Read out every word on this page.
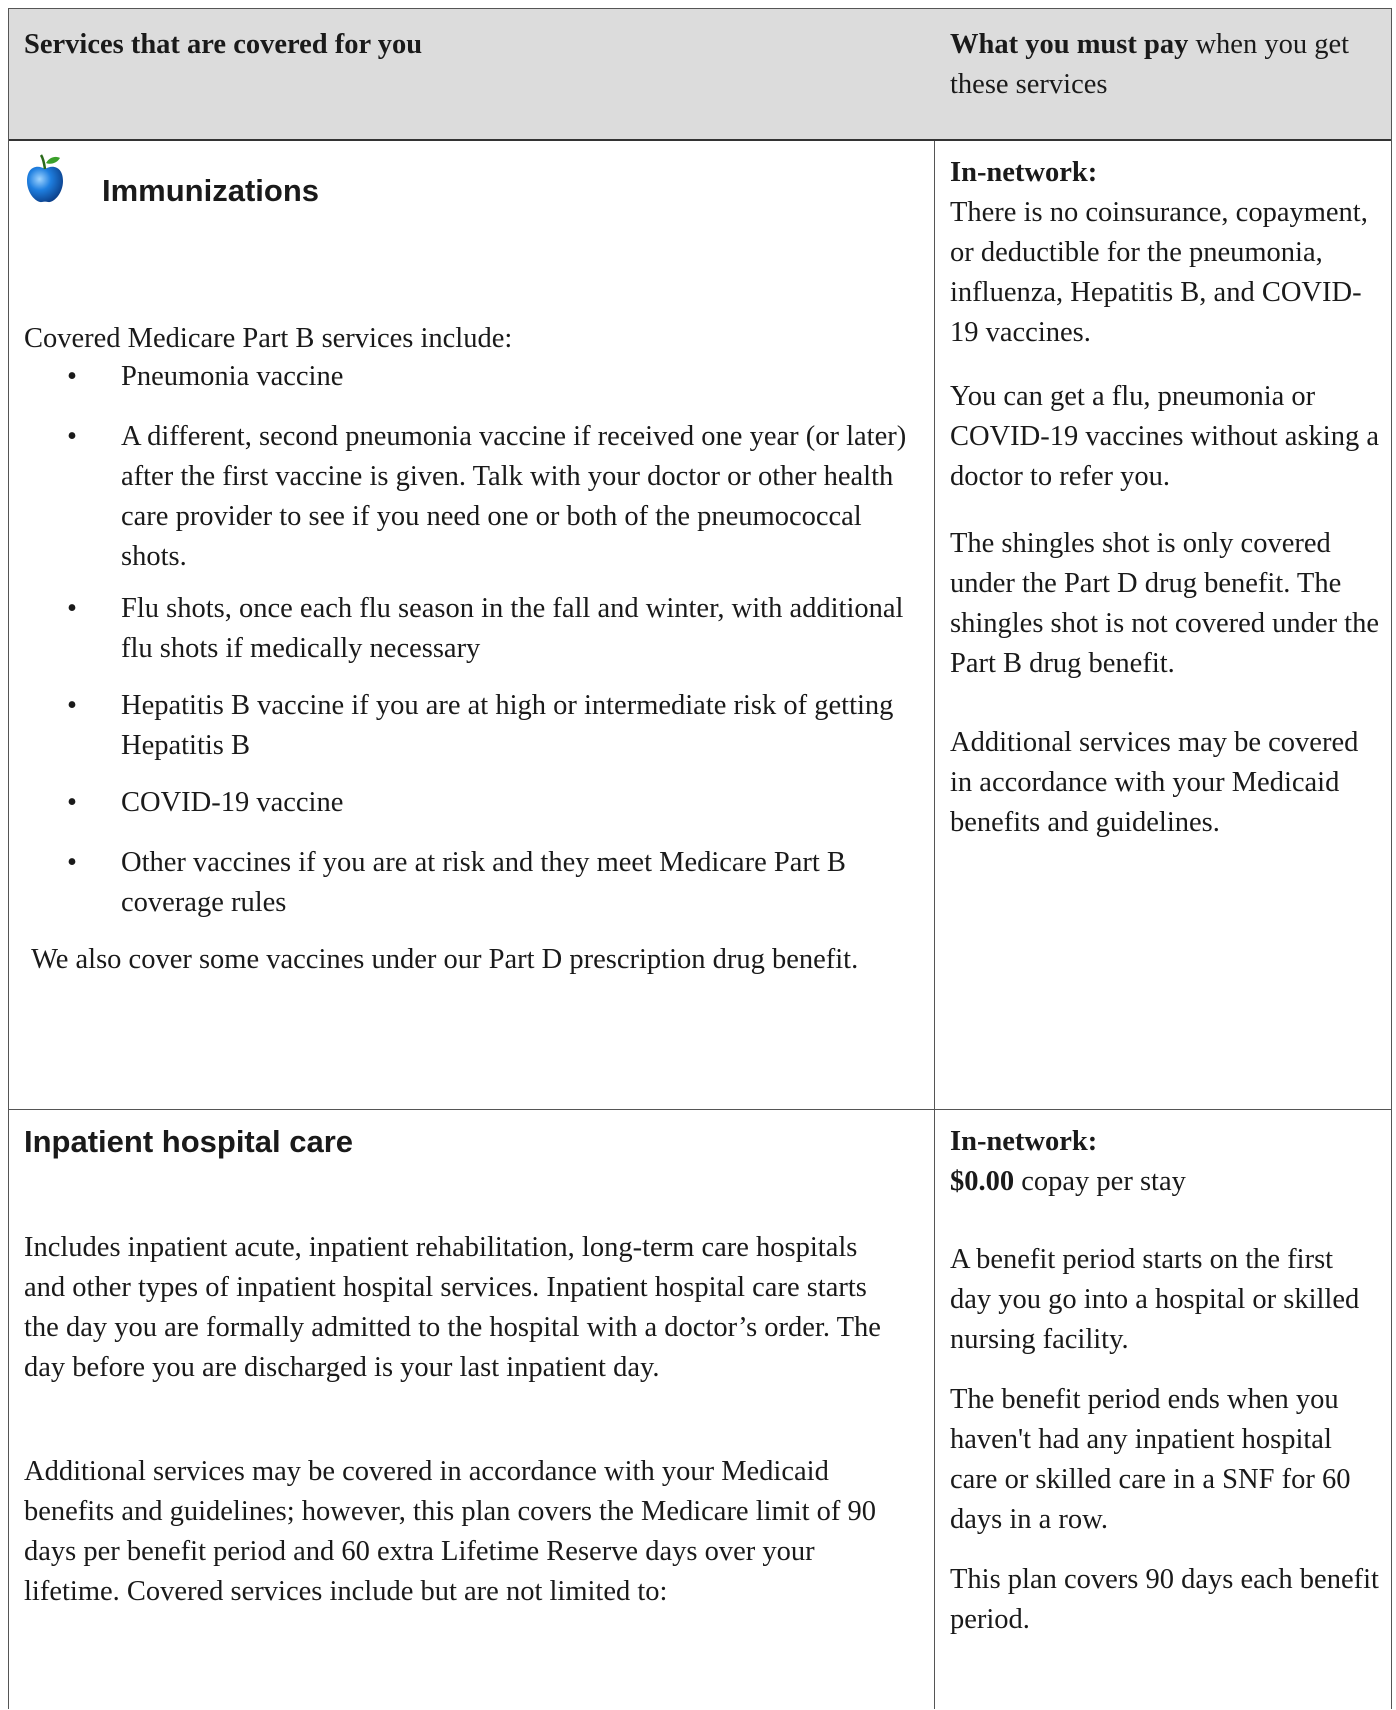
Services that are covered for you	What you must pay when you get these services
Immunizations

Covered Medicare Part B services include:

• Pneumonia vaccine
• A different, second pneumonia vaccine if received one year (or later) after the first vaccine is given. Talk with your doctor or other health care provider to see if you need one or both of the pneumococcal shots.
• Flu shots, once each flu season in the fall and winter, with additional flu shots if medically necessary
• Hepatitis B vaccine if you are at high or intermediate risk of getting Hepatitis B
• COVID-19 vaccine
• Other vaccines if you are at risk and they meet Medicare Part B coverage rules

We also cover some vaccines under our Part D prescription drug benefit.

In-network:

There is no coinsurance, copayment, or deductible for the pneumonia, influenza, Hepatitis B, and COVID-19 vaccines.

You can get a flu, pneumonia or COVID-19 vaccines without asking a doctor to refer you.

The shingles shot is only covered under the Part D drug benefit. The shingles shot is not covered under the Part B drug benefit.

Additional services may be covered in accordance with your Medicaid benefits and guidelines.

Inpatient hospital care

Includes inpatient acute, inpatient rehabilitation, long-term care hospitals and other types of inpatient hospital services. Inpatient hospital care starts the day you are formally admitted to the hospital with a doctor’s order. The day before you are discharged is your last inpatient day.

Additional services may be covered in accordance with your Medicaid benefits and guidelines; however, this plan covers the Medicare limit of 90 days per benefit period and 60 extra Lifetime Reserve days over your lifetime. Covered services include but are not limited to:

In-network:
$0.00 copay per stay

A benefit period starts on the first day you go into a hospital or skilled nursing facility.

The benefit period ends when you haven't had any inpatient hospital care or skilled care in a SNF for 60 days in a row.

This plan covers 90 days each benefit period.
